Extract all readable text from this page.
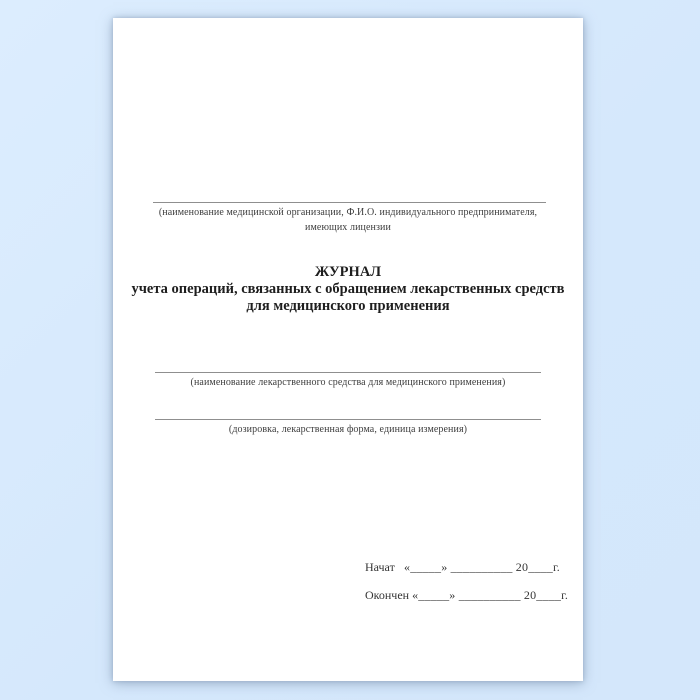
(наименование медицинской организации, Ф.И.О. индивидуального предпринимателя,
имеющих лицензии
ЖУРНАЛ
учета операций, связанных с обращением лекарственных средств
для медицинского применения
(наименование лекарственного средства для медицинского применения)
(дозировка, лекарственная форма, единица измерения)
Начат «_____» __________ 20____г.
Окончен «_____» __________ 20____г.
